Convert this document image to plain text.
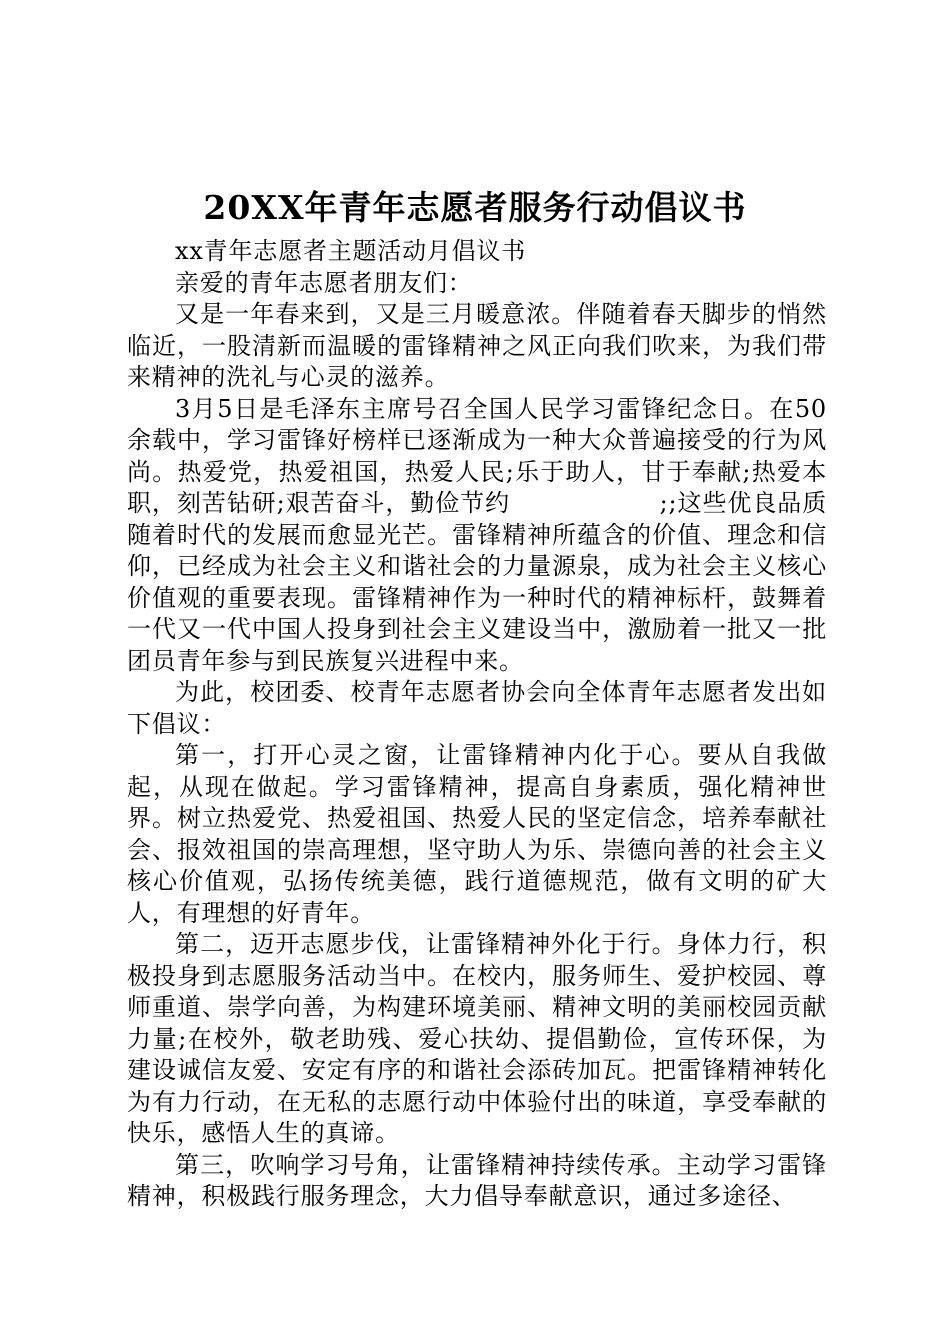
20XX年青年志愿者服务行动倡议书

xx青年志愿者主题活动月倡议书

亲爱的青年志愿者朋友们：

又是一年春来到，又是三月暖意浓。伴随着春天脚步的悄然临近，一股清新而温暖的雷锋精神之风正向我们吹来，为我们带来精神的洗礼与心灵的滋养。

3月5日是毛泽东主席号召全国人民学习雷锋纪念日。在50余载中，学习雷锋好榜样已逐渐成为一种大众普遍接受的行为风尚。热爱党，热爱祖国，热爱人民;乐于助人，甘于奉献;热爱本职，刻苦钻研;艰苦奋斗，勤俭节约　　　　　　;;这些优良品质随着时代的发展而愈显光芒。雷锋精神所蕴含的价值、理念和信仰，已经成为社会主义和谐社会的力量源泉，成为社会主义核心价值观的重要表现。雷锋精神作为一种时代的精神标杆，鼓舞着一代又一代中国人投身到社会主义建设当中，激励着一批又一批团员青年参与到民族复兴进程中来。

为此，校团委、校青年志愿者协会向全体青年志愿者发出如下倡议：

第一，打开心灵之窗，让雷锋精神内化于心。要从自我做起，从现在做起。学习雷锋精神，提高自身素质，强化精神世界。树立热爱党、热爱祖国、热爱人民的坚定信念，培养奉献社会、报效祖国的崇高理想，坚守助人为乐、崇德向善的社会主义核心价值观，弘扬传统美德，践行道德规范，做有文明的矿大人，有理想的好青年。

第二，迈开志愿步伐，让雷锋精神外化于行。身体力行，积极投身到志愿服务活动当中。在校内，服务师生、爱护校园、尊师重道、崇学向善，为构建环境美丽、精神文明的美丽校园贡献力量;在校外，敬老助残、爱心扶幼、提倡勤俭，宣传环保，为建设诚信友爱、安定有序的和谐社会添砖加瓦。把雷锋精神转化为有力行动，在无私的志愿行动中体验付出的味道，享受奉献的快乐，感悟人生的真谛。

第三，吹响学习号角，让雷锋精神持续传承。主动学习雷锋精神，积极践行服务理念，大力倡导奉献意识，通过多途径、
